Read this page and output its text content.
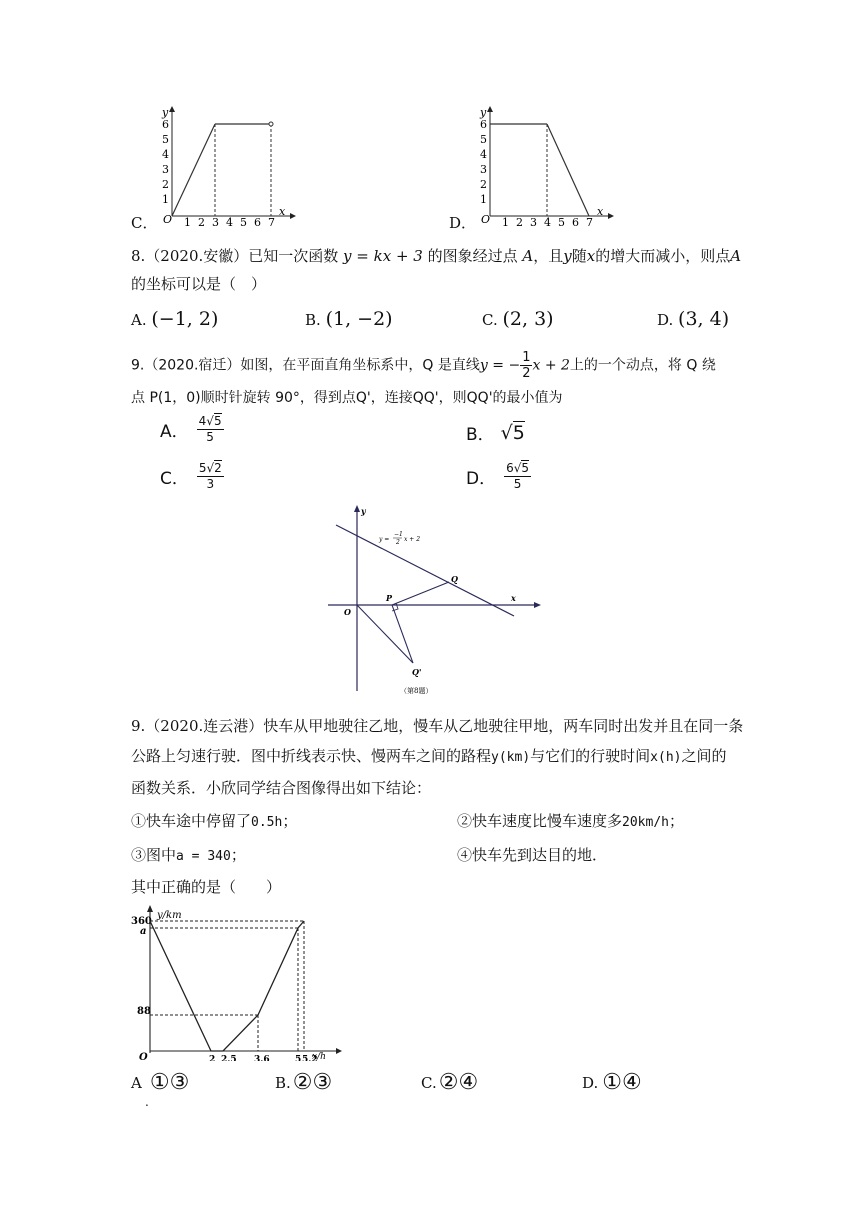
y
x
O
1
2
3
4
5
6
1 2 3 4 5 6 7
C．
y
x
O
1
2
3
4
5
6
1 2 3 4 5 6 7
D．
8.（2020.安徽）已知一次函数 y = kx + 3 的图象经过点 A，且y随x的增大而减小，则点A
的坐标可以是（　）
A. (−1, 2)	B. (1, −2)	C. (2, 3)	D. (3, 4)
9.（2020.宿迁）如图，在平面直角坐标系中，Q 是直线y = − $\frac{1}{2}$ x + 2上的一个动点，将 Q 绕
点 P(1，0)顺时针旋转 90°，得到点Q'，连接QQ'，则QQ'的最小值为
A． $\frac{4√5}{5}$	B． √5
C． $\frac{5√2}{3}$	D． $\frac{6√5}{5}$
y
x
O
y =
−1
2 x + 2
P
Q
Q'
（第8题）
9.（2020.连云港）快车从甲地驶往乙地，慢车从乙地驶往甲地，两车同时出发并且在同一条
公路上匀速行驶．图中折线表示快、慢两车之间的路程y(km)与它们的行驶时间x(h)之间的
函数关系．小欣同学结合图像得出如下结论：
①快车途中停留了0.5h；	②快车速度比慢车速度多20km/h；
③图中a = 340；	④快车先到达目的地．
其中正确的是（　　）
y/km
x/h
O
360
a
88
2 2.5 3.6	5 5.2
A ①③
.
B. ②③	C. ②④	D. ①④
